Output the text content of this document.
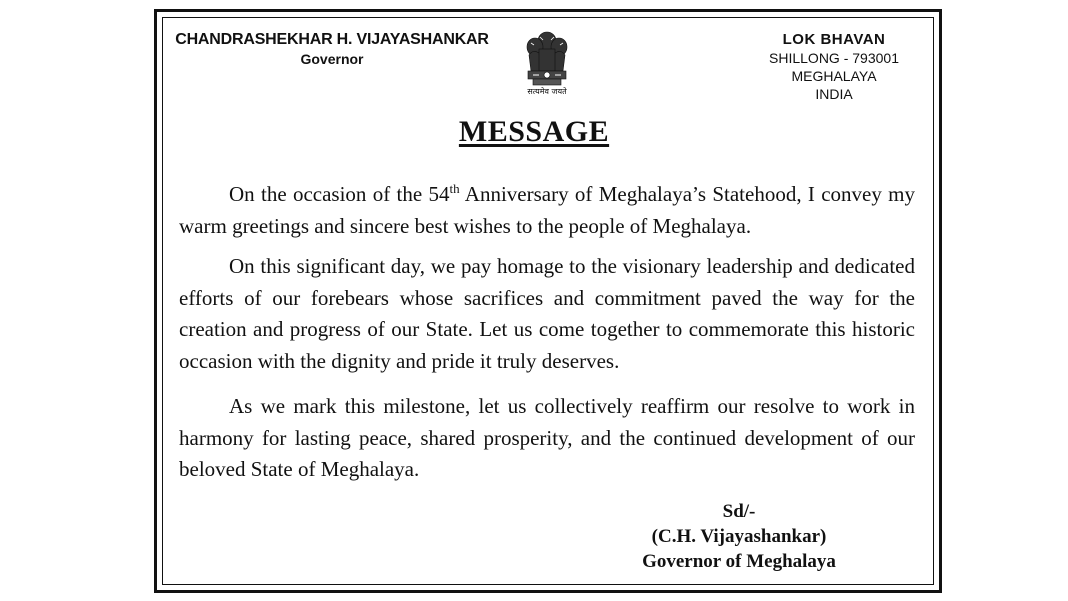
CHANDRASHEKHAR H. VIJAYASHANKAR
Governor
सत्यमेव जयते
LOK BHAVAN
SHILLONG - 793001
MEGHALAYA
INDIA
MESSAGE

On the occasion of the 54th Anniversary of Meghalaya’s Statehood, I convey my warm greetings and sincere best wishes to the people of Meghalaya.

On this significant day, we pay homage to the visionary leadership and dedicated efforts of our forebears whose sacrifices and commitment paved the way for the creation and progress of our State. Let us come together to commemorate this historic occasion with the dignity and pride it truly deserves.

As we mark this milestone, let us collectively reaffirm our resolve to work in harmony for lasting peace, shared prosperity, and the continued development of our beloved State of Meghalaya.

Sd/-
(C.H. Vijayashankar)
Governor of Meghalaya
